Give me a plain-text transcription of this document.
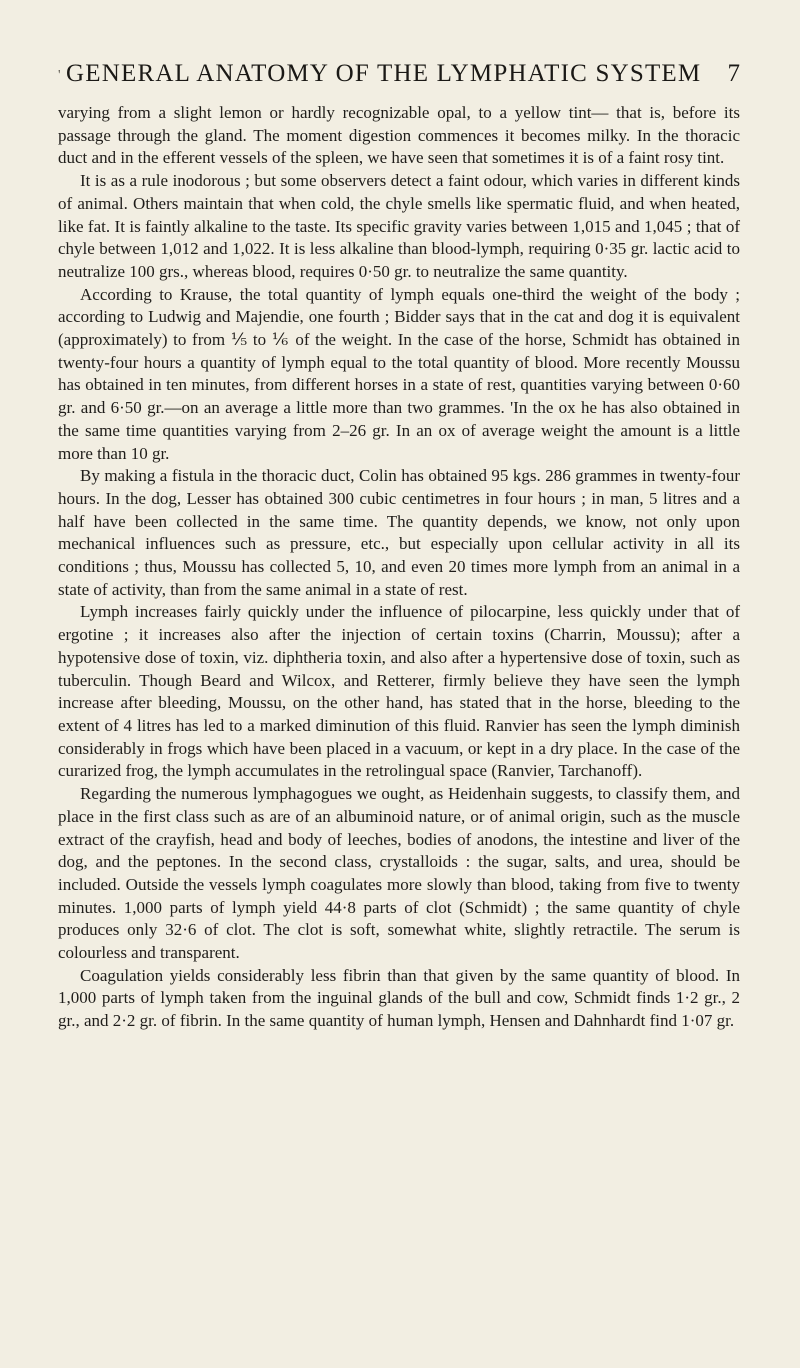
' GENERAL ANATOMY OF THE LYMPHATIC SYSTEM 7

varying from a slight lemon or hardly recognizable opal, to a yellow tint— that is, before its passage through the gland. The moment digestion commences it becomes milky. In the thoracic duct and in the efferent vessels of the spleen, we have seen that sometimes it is of a faint rosy tint.

It is as a rule inodorous ; but some observers detect a faint odour, which varies in different kinds of animal. Others maintain that when cold, the chyle smells like spermatic fluid, and when heated, like fat. It is faintly alkaline to the taste. Its specific gravity varies between 1,015 and 1,045 ; that of chyle between 1,012 and 1,022. It is less alkaline than blood-lymph, requiring 0·35 gr. lactic acid to neutralize 100 grs., whereas blood, requires 0·50 gr. to neutralize the same quantity.

According to Krause, the total quantity of lymph equals one-third the weight of the body ; according to Ludwig and Majendie, one fourth ; Bidder says that in the cat and dog it is equivalent (approximately) to from ⅕ to ⅙ of the weight. In the case of the horse, Schmidt has obtained in twenty-four hours a quantity of lymph equal to the total quantity of blood. More recently Moussu has obtained in ten minutes, from different horses in a state of rest, quantities varying between 0·60 gr. and 6·50 gr.—on an average a little more than two grammes. 'In the ox he has also obtained in the same time quantities varying from 2–26 gr. In an ox of average weight the amount is a little more than 10 gr.

By making a fistula in the thoracic duct, Colin has obtained 95 kgs. 286 grammes in twenty-four hours. In the dog, Lesser has obtained 300 cubic centimetres in four hours ; in man, 5 litres and a half have been collected in the same time. The quantity depends, we know, not only upon mechanical influences such as pressure, etc., but especially upon cellular activity in all its conditions ; thus, Moussu has collected 5, 10, and even 20 times more lymph from an animal in a state of activity, than from the same animal in a state of rest.

Lymph increases fairly quickly under the influence of pilocarpine, less quickly under that of ergotine ; it increases also after the injection of certain toxins (Charrin, Moussu); after a hypotensive dose of toxin, viz. diphtheria toxin, and also after a hypertensive dose of toxin, such as tuberculin. Though Beard and Wilcox, and Retterer, firmly believe they have seen the lymph increase after bleeding, Moussu, on the other hand, has stated that in the horse, bleeding to the extent of 4 litres has led to a marked diminution of this fluid. Ranvier has seen the lymph diminish considerably in frogs which have been placed in a vacuum, or kept in a dry place. In the case of the curarized frog, the lymph accumulates in the retrolingual space (Ranvier, Tarchanoff).

Regarding the numerous lymphagogues we ought, as Heidenhain suggests, to classify them, and place in the first class such as are of an albuminoid nature, or of animal origin, such as the muscle extract of the crayfish, head and body of leeches, bodies of anodons, the intestine and liver of the dog, and the peptones. In the second class, crystalloids : the sugar, salts, and urea, should be included. Outside the vessels lymph coagulates more slowly than blood, taking from five to twenty minutes. 1,000 parts of lymph yield 44·8 parts of clot (Schmidt) ; the same quantity of chyle produces only 32·6 of clot. The clot is soft, somewhat white, slightly retractile. The serum is colourless and transparent.

Coagulation yields considerably less fibrin than that given by the same quantity of blood. In 1,000 parts of lymph taken from the inguinal glands of the bull and cow, Schmidt finds 1·2 gr., 2 gr., and 2·2 gr. of fibrin. In the same quantity of human lymph, Hensen and Dahnhardt find 1·07 gr.
